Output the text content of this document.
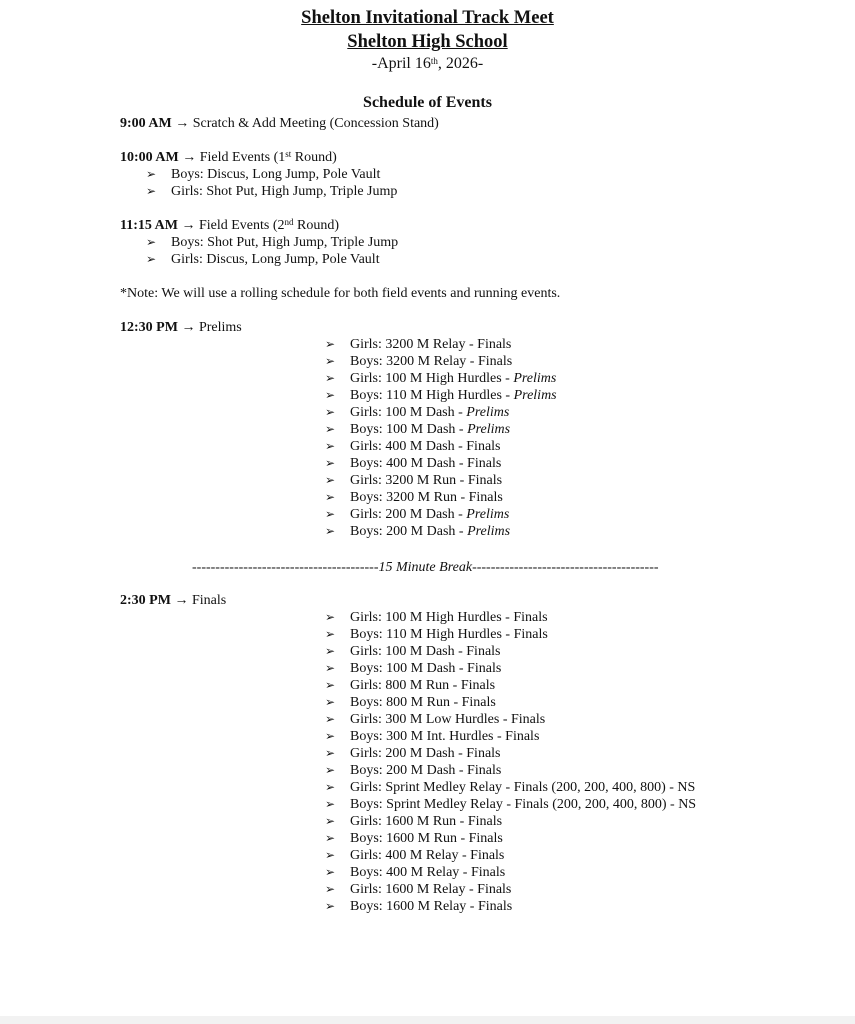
Shelton Invitational Track Meet
Shelton High School
-April 16th, 2026-
Schedule of Events
9:00 AM → Scratch & Add Meeting (Concession Stand)
10:00 AM → Field Events (1st Round)
➢ Boys: Discus, Long Jump, Pole Vault
➢ Girls: Shot Put, High Jump, Triple Jump
11:15 AM → Field Events (2nd Round)
➢ Boys: Shot Put, High Jump, Triple Jump
➢ Girls: Discus, Long Jump, Pole Vault
*Note: We will use a rolling schedule for both field events and running events.
12:30 PM → Prelims
➢ Girls: 3200 M Relay - Finals
➢ Boys: 3200 M Relay - Finals
➢ Girls: 100 M High Hurdles - Prelims
➢ Boys: 110 M High Hurdles - Prelims
➢ Girls: 100 M Dash - Prelims
➢ Boys: 100 M Dash - Prelims
➢ Girls: 400 M Dash - Finals
➢ Boys: 400 M Dash - Finals
➢ Girls: 3200 M Run - Finals
➢ Boys: 3200 M Run - Finals
➢ Girls: 200 M Dash - Prelims
➢ Boys: 200 M Dash - Prelims
----------------------------------------15 Minute Break----------------------------------------
2:30 PM → Finals
➢ Girls: 100 M High Hurdles - Finals
➢ Boys: 110 M High Hurdles - Finals
➢ Girls: 100 M Dash - Finals
➢ Boys: 100 M Dash - Finals
➢ Girls: 800 M Run - Finals
➢ Boys: 800 M Run - Finals
➢ Girls: 300 M Low Hurdles - Finals
➢ Boys: 300 M Int. Hurdles - Finals
➢ Girls: 200 M Dash - Finals
➢ Boys: 200 M Dash - Finals
➢ Girls: Sprint Medley Relay - Finals (200, 200, 400, 800) - NS
➢ Boys: Sprint Medley Relay - Finals (200, 200, 400, 800) - NS
➢ Girls: 1600 M Run - Finals
➢ Boys: 1600 M Run - Finals
➢ Girls: 400 M Relay - Finals
➢ Boys: 400 M Relay - Finals
➢ Girls: 1600 M Relay - Finals
➢ Boys: 1600 M Relay - Finals
